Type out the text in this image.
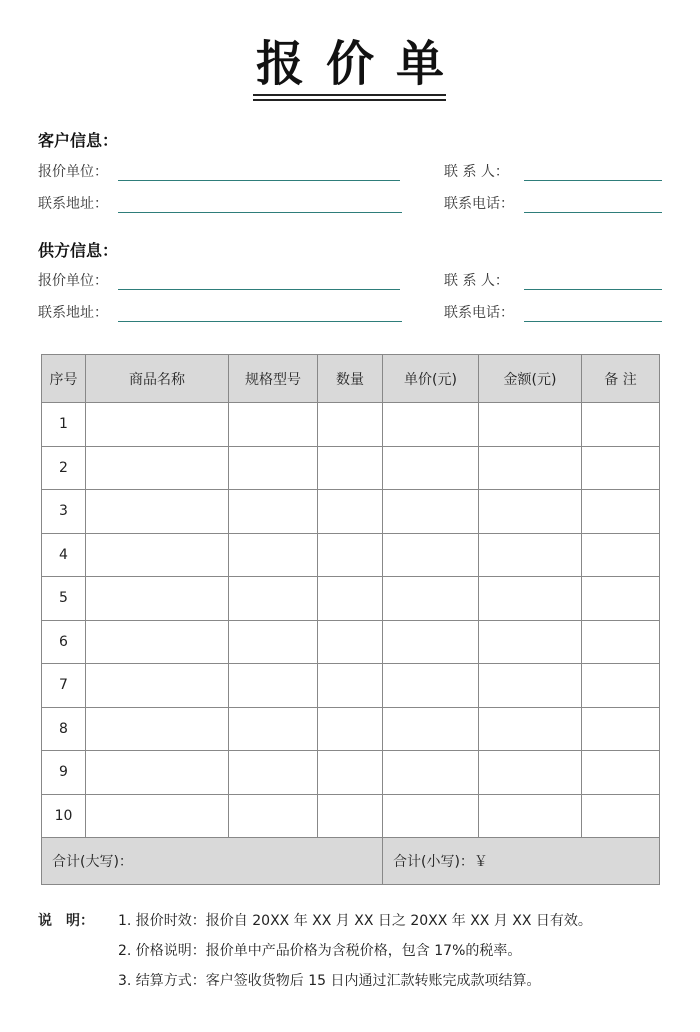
报价单
客户信息：
报价单位：	联 系 人：
联系地址：	联系电话：
供方信息：
报价单位：	联 系 人：
联系地址：	联系电话：
序号	商品名称	规格型号	数量	单价(元)	金额(元)	备 注
1						
2						
3						
4						
5						
6						
7						
8						
9						
10						
合计(大写)：				合计(小写)：￥		
说　明： 1. 报价时效：报价自 20XX 年 XX 月 XX 日之 20XX 年 XX 月 XX 日有效。
2. 价格说明：报价单中产品价格为含税价格，包含 17%的税率。
3. 结算方式：客户签收货物后 15 日内通过汇款转账完成款项结算。
